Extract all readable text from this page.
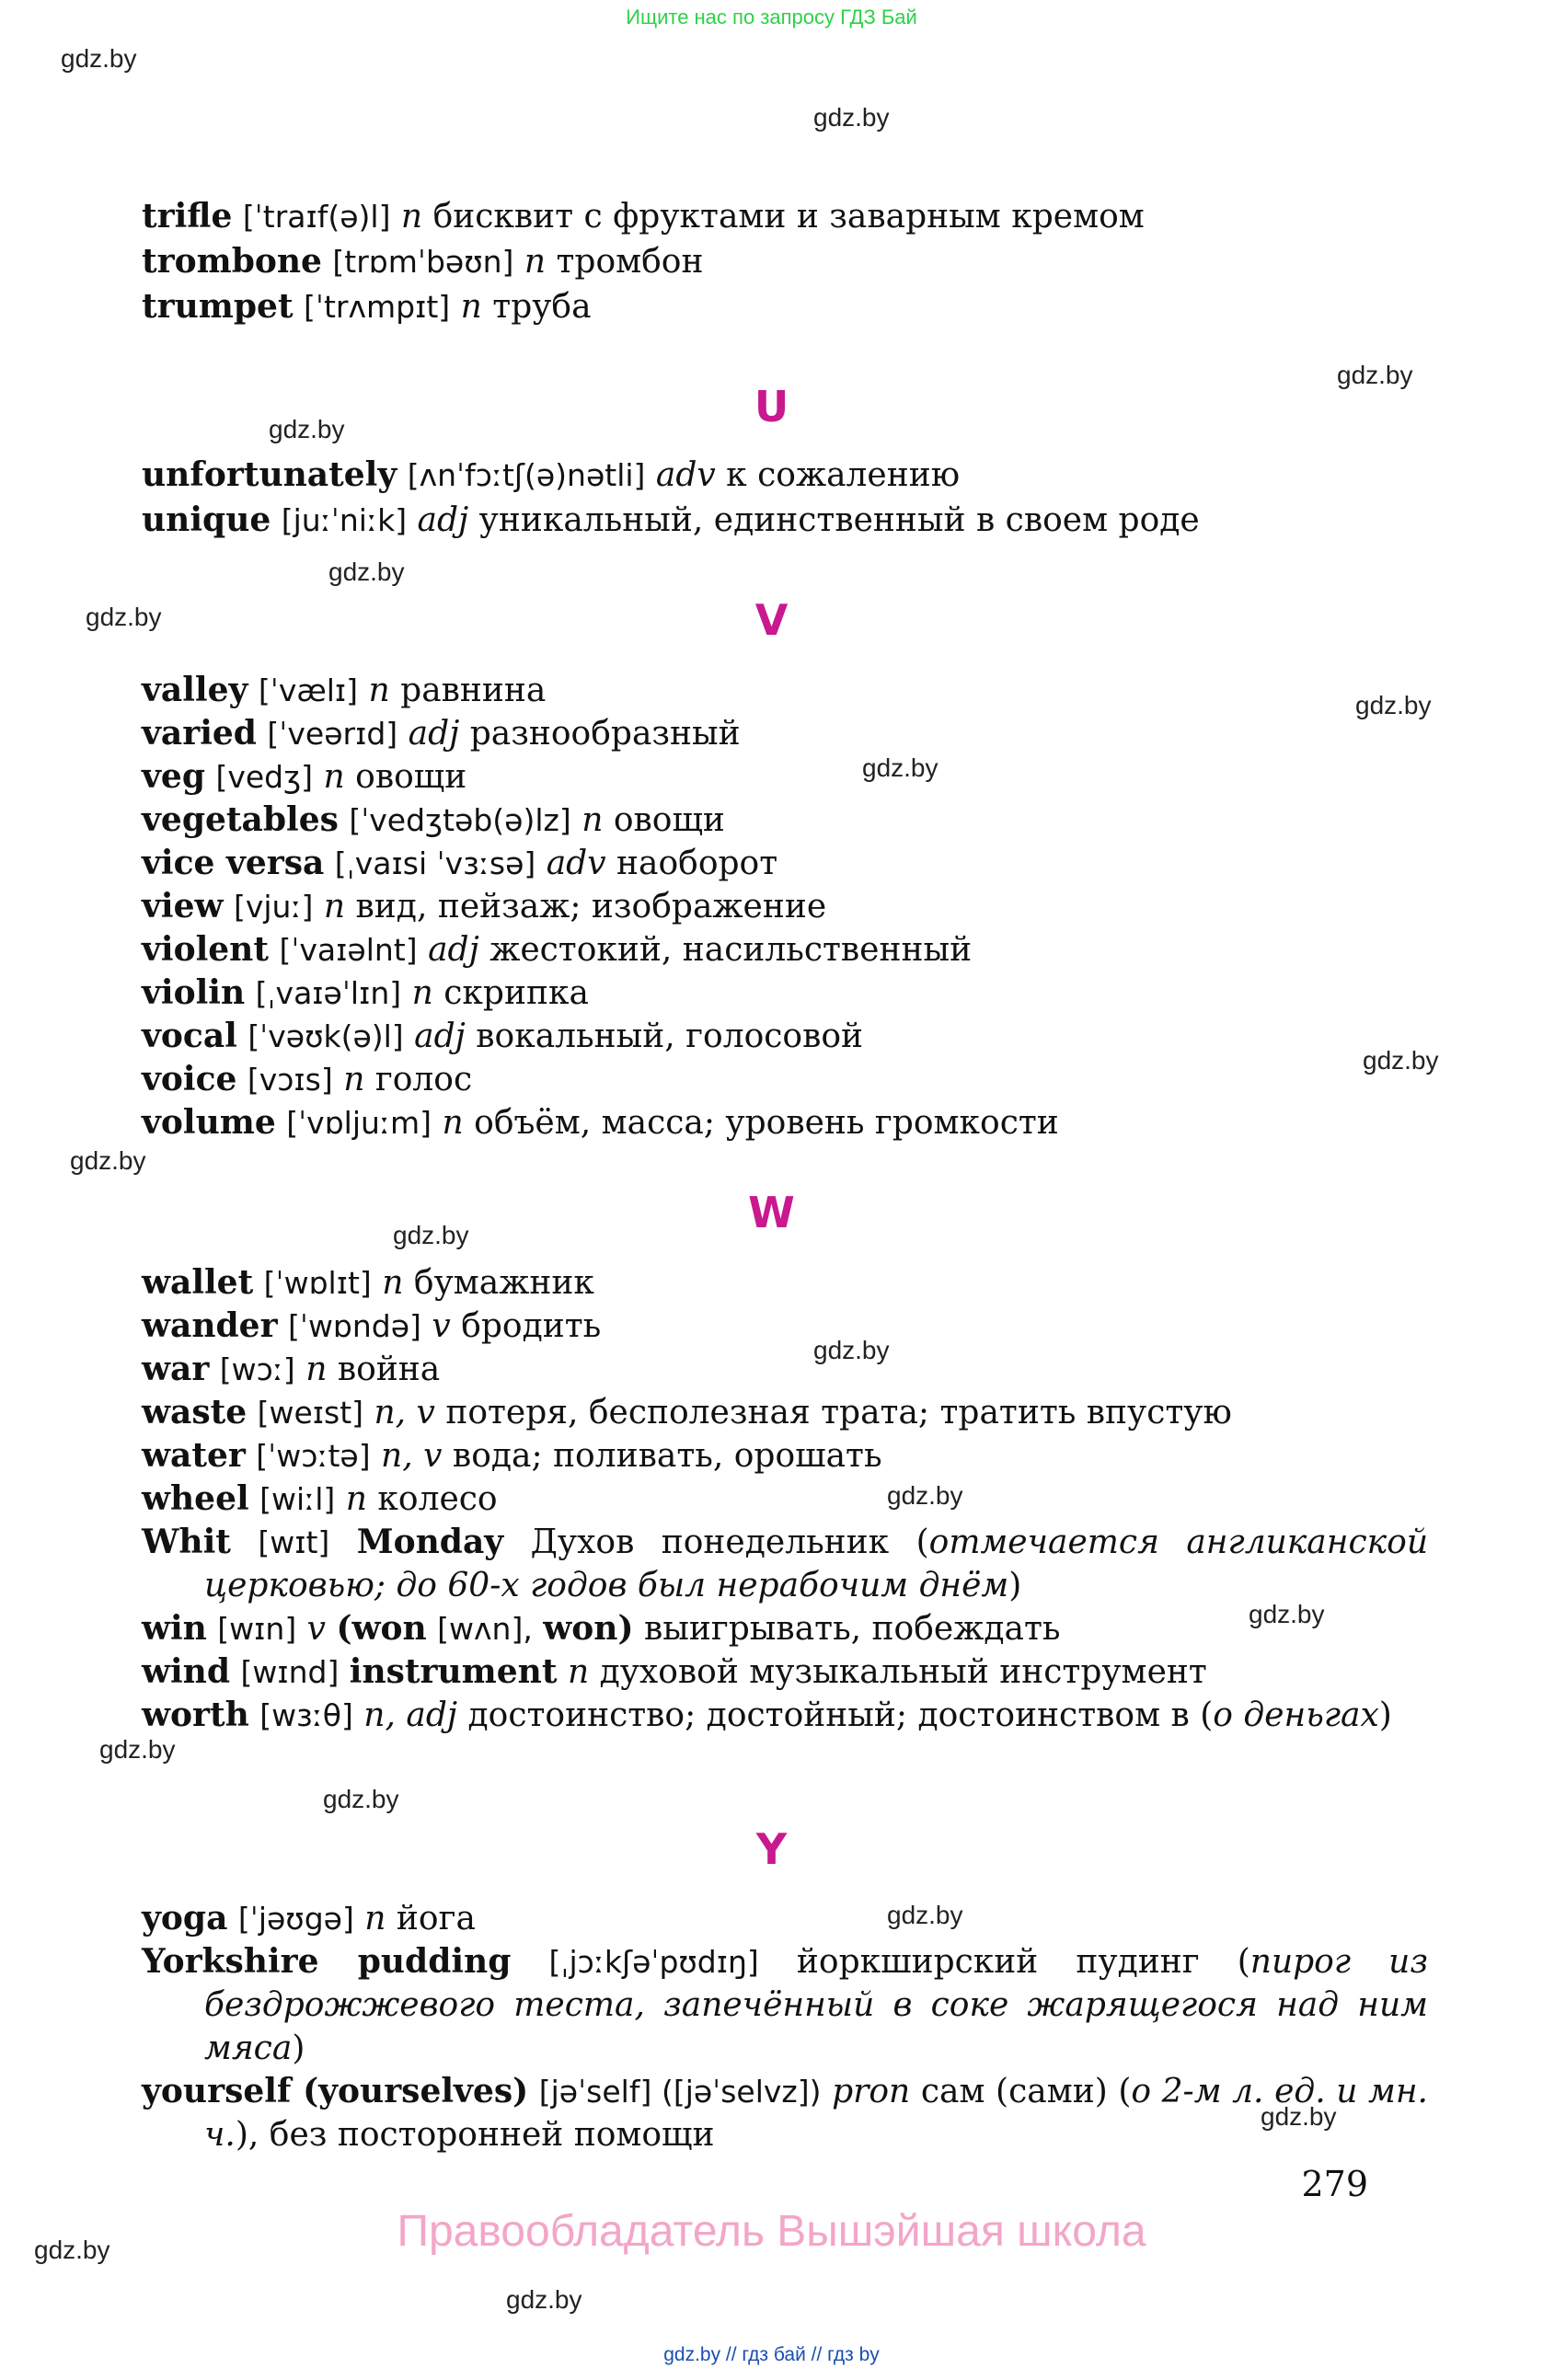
Ищите нас по запросу ГДЗ Бай
gdz.by
gdz.by
gdz.by
gdz.by
gdz.by
gdz.by
gdz.by
gdz.by
gdz.by
gdz.by
gdz.by
gdz.by
gdz.by
gdz.by
gdz.by
gdz.by
gdz.by
gdz.by
gdz.by
gdz.by
trifle [ˈtraɪf(ə)l] n бисквит с фруктами и заварным кремом
trombone [trɒmˈbəʊn] n тромбон
trumpet [ˈtrʌmpɪt] n труба
U
unfortunately [ʌnˈfɔːtʃ(ə)nətli] adv к сожалению
unique [juːˈniːk] adj уникальный, единственный в своем роде
V
valley [ˈvælɪ] n равнина
varied [ˈveərɪd] adj разнообразный
veg [vedʒ] n овощи
vegetables [ˈvedʒtəb(ə)lz] n овощи
vice versa [ˌvaɪsi ˈvɜːsə] adv наоборот
view [vjuː] n вид, пейзаж; изображение
violent [ˈvaɪəlnt] adj жестокий, насильственный
violin [ˌvaɪəˈlɪn] n скрипка
vocal [ˈvəʊk(ə)l] adj вокальный, голосовой
voice [vɔɪs] n голос
volume [ˈvɒljuːm] n объём, масса; уровень громкости
W
wallet [ˈwɒlɪt] n бумажник
wander [ˈwɒndə] v бродить
war [wɔː] n война
waste [weɪst] n, v потеря, бесполезная трата; тратить впустую
water [ˈwɔːtə] n, v вода; поливать, орошать
wheel [wiːl] n колесо
Whit [wɪt] Monday Духов понедельник (отмечается англиканской церковью; до 60-х годов был нерабочим днём)
win [wɪn] v (won [wʌn], won) выигрывать, побеждать
wind [wɪnd] instrument n духовой музыкальный инструмент
worth [wɜːθ] n, adj достоинство; достойный; достоинством в (о деньгах)
Y
yoga [ˈjəʊgə] n йога
Yorkshire pudding [ˌjɔːkʃəˈpʊdɪŋ] йоркширский пудинг (пирог из бездрожжевого теста, запечённый в соке жарящегося над ним мяса)
yourself (yourselves) [jəˈself] ([jəˈselvz]) pron сам (сами) (о 2-м л. ед. и мн. ч.), без посторонней помощи
279
Правообладатель Вышэйшая школа
gdz.by // гдз бай // гдз by
